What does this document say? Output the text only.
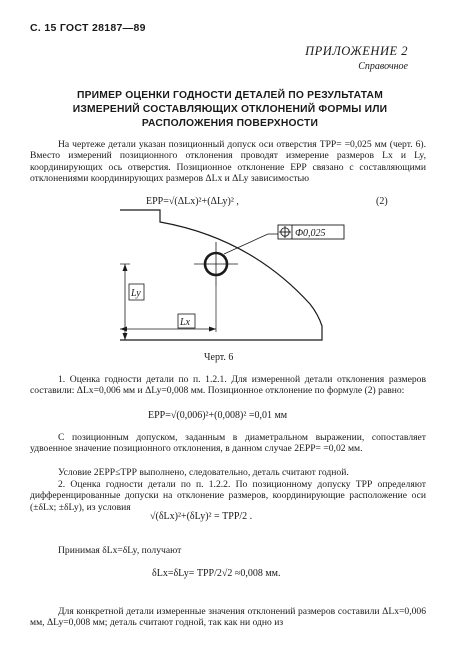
С. 15 ГОСТ 28187—89
ПРИЛОЖЕНИЕ 2
Справочное
ПРИМЕР ОЦЕНКИ ГОДНОСТИ ДЕТАЛЕЙ ПО РЕЗУЛЬТАТАМ
ИЗМЕРЕНИЙ СОСТАВЛЯЮЩИХ ОТКЛОНЕНИЙ ФОРМЫ ИЛИ
РАСПОЛОЖЕНИЯ ПОВЕРХНОСТИ
На чертеже детали указан позиционный допуск оси отверстия ТРР= =0,025 мм (черт. 6). Вместо измерений позиционного отклонения проводят измерение размеров Lx и Ly, координирующих ось отверстия. Позиционное отклонение ЕРР связано с составляющими отклонениями координирующих размеров ΔLx и ΔLy зависимостью
ЕРР=√(ΔLx)²+(ΔLy)² ,	(2)
Ф0,025
Ly
Lx
Черт. 6
1. Оценка годности детали по п. 1.2.1. Для измеренной детали отклонения размеров составили: ΔLx=0,006 мм и ΔLy=0,008 мм. Позиционное отклонение по формуле (2) равно:
ЕРР=√(0,006)²+(0,008)² =0,01 мм
С позиционным допуском, заданным в диаметральном выражении, сопоставляет удвоенное значение позиционного отклонения, в данном случае 2ЕРР= =0,02 мм.
Условие 2ЕРР≤ТРР выполнено, следовательно, деталь считают годной.
2. Оценка годности детали по п. 1.2.2. По позиционному допуску ТРР определяют дифференцированные допуски на отклонение размеров, координирующие расположение оси (±δLx; ±δLy), из условия
√(δLx)²+(δLy)² = ТРР/2 .
Принимая δLx=δLy, получают
δLx=δLy= ТРР/2√2 ≈0,008 мм.
Для конкретной детали измеренные значения отклонений размеров составили ΔLx=0,006 мм, ΔLy=0,008 мм; деталь считают годной, так как ни одно из
